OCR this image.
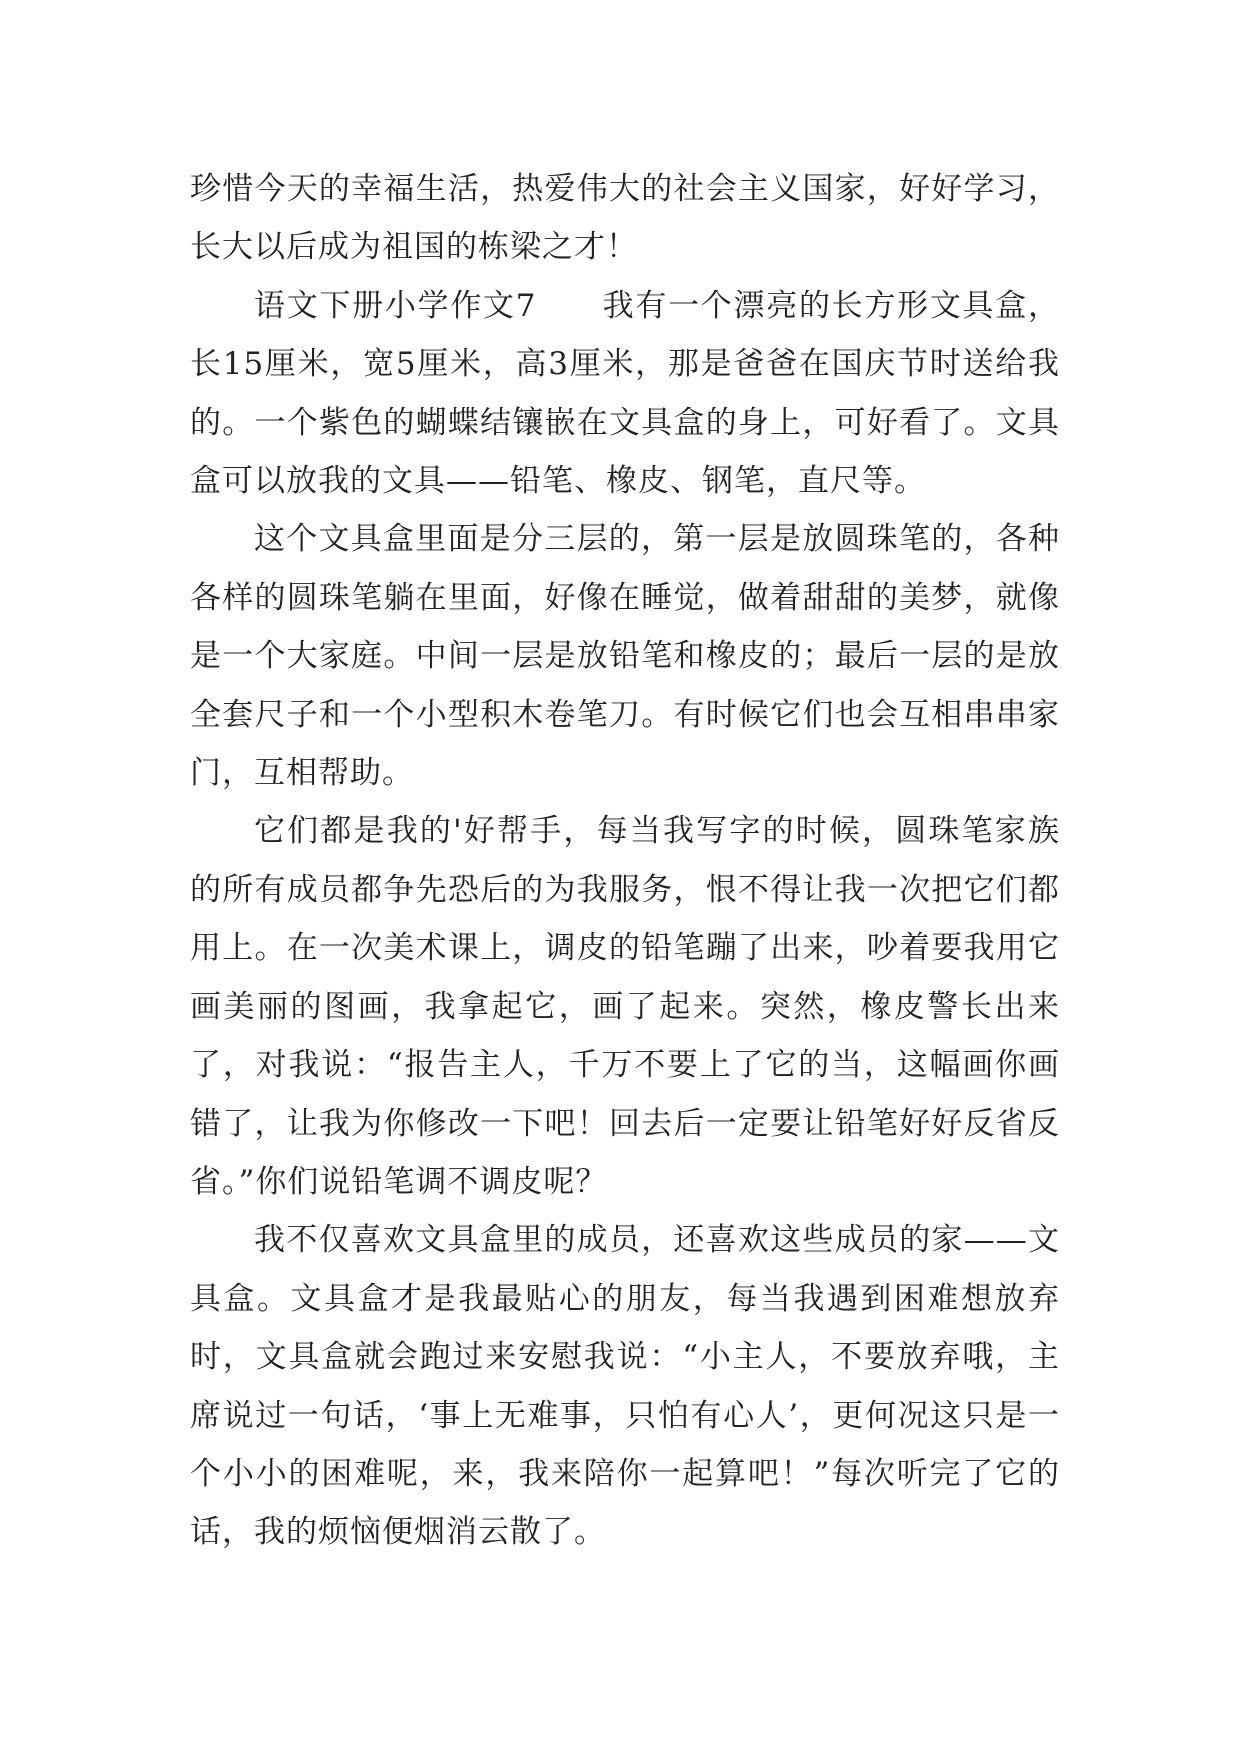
珍惜今天的幸福生活，热爱伟大的社会主义国家，好好学习，长大以后成为祖国的栋梁之才！

语文下册小学作文7　　我有一个漂亮的长方形文具盒，长15厘米，宽5厘米，高3厘米，那是爸爸在国庆节时送给我的。一个紫色的蝴蝶结镶嵌在文具盒的身上，可好看了。文具盒可以放我的文具——铅笔、橡皮、钢笔，直尺等。

这个文具盒里面是分三层的，第一层是放圆珠笔的，各种各样的圆珠笔躺在里面，好像在睡觉，做着甜甜的美梦，就像是一个大家庭。中间一层是放铅笔和橡皮的；最后一层的是放全套尺子和一个小型积木卷笔刀。有时候它们也会互相串串家门，互相帮助。

它们都是我的'好帮手，每当我写字的时候，圆珠笔家族的所有成员都争先恐后的为我服务，恨不得让我一次把它们都用上。在一次美术课上，调皮的铅笔蹦了出来，吵着要我用它画美丽的图画，我拿起它，画了起来。突然，橡皮警长出来了，对我说：“报告主人，千万不要上了它的当，这幅画你画错了，让我为你修改一下吧！回去后一定要让铅笔好好反省反省。”你们说铅笔调不调皮呢？

我不仅喜欢文具盒里的成员，还喜欢这些成员的家——文具盒。文具盒才是我最贴心的朋友，每当我遇到困难想放弃时，文具盒就会跑过来安慰我说：“小主人，不要放弃哦，主席说过一句话，‘事上无难事，只怕有心人’，更何况这只是一个小小的困难呢，来，我来陪你一起算吧！”每次听完了它的话，我的烦恼便烟消云散了。
